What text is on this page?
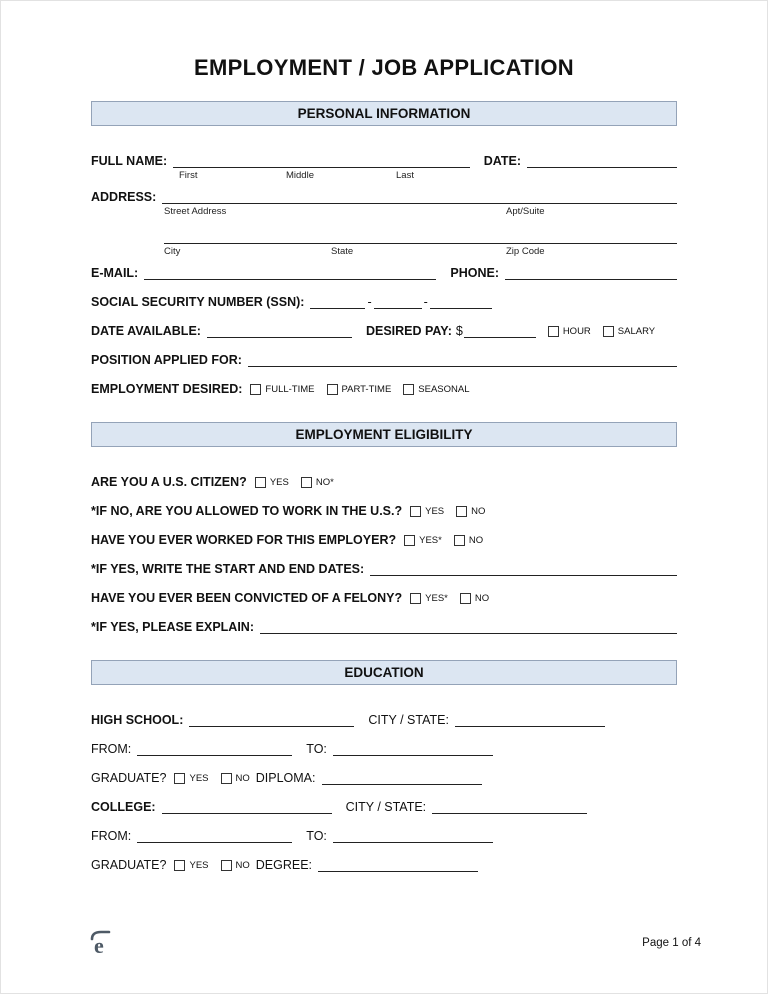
EMPLOYMENT / JOB APPLICATION
PERSONAL INFORMATION
FULL NAME:	DATE:
First	Middle	Last
ADDRESS:
Street Address	Apt/Suite
City	State	Zip Code
E-MAIL:	PHONE:
SOCIAL SECURITY NUMBER (SSN):	-	-
DATE AVAILABLE:	DESIRED PAY: $	HOUR	SALARY
POSITION APPLIED FOR:
EMPLOYMENT DESIRED: FULL-TIME	PART-TIME	SEASONAL
EMPLOYMENT ELIGIBILITY
ARE YOU A U.S. CITIZEN? YES	NO*
*IF NO, ARE YOU ALLOWED TO WORK IN THE U.S.? YES	NO
HAVE YOU EVER WORKED FOR THIS EMPLOYER? YES*	NO
*IF YES, WRITE THE START AND END DATES:
HAVE YOU EVER BEEN CONVICTED OF A FELONY? YES*	NO
*IF YES, PLEASE EXPLAIN:
EDUCATION
HIGH SCHOOL:	CITY / STATE:
FROM:	TO:
GRADUATE? YES	NO DIPLOMA:
COLLEGE:	CITY / STATE:
FROM:	TO:
GRADUATE? YES	NO DEGREE:
e	Page 1 of 4
